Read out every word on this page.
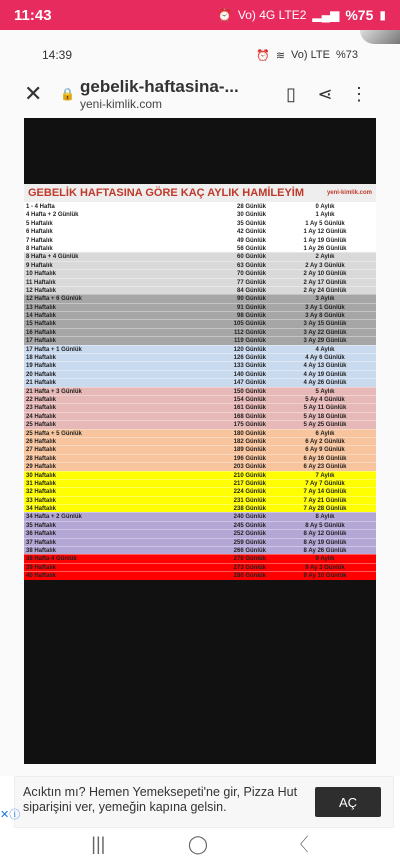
11:43	⏰ Vo) 4G LTE2 ▂▄▆ %75 ▮
14:39	⏰ ≋ Vo) LTE %73
✕	🔒 gebelik-haftasina-...
yeni-kimlik.com
▯	⋖ ⋮
GEBELİK HAFTASINA GÖRE KAÇ AYLIK HAMİLEYİM	yeni-kimlik.com
1 - 4 Hafta	28 Günlük	0 Aylık
4 Hafta + 2 Günlük	30 Günlük	1 Aylık
5 Haftalık	35 Günlük	1 Ay 5 Günlük
6 Haftalık	42 Günlük	1 Ay 12 Günlük
7 Haftalık	49 Günlük	1 Ay 19 Günlük
8 Haftalık	56 Günlük	1 Ay 26 Günlük
8 Hafta + 4 Günlük	60 Günlük	2 Aylık
9 Haftalık	63 Günlük	2 Ay 3 Günlük
10 Haftalık	70 Günlük	2 Ay 10 Günlük
11 Haftalık	77 Günlük	2 Ay 17 Günlük
12 Haftalık	84 Günlük	2 Ay 24 Günlük
12 Hafta + 6 Günlük	90 Günlük	3 Aylık
13 Haftalık	91 Günlük	3 Ay 1 Günlük
14 Haftalık	98 Günlük	3 Ay 8 Günlük
15 Haftalık	105 Günlük	3 Ay 15 Günlük
16 Haftalık	112 Günlük	3 Ay 22 Günlük
17 Haftalık	119 Günlük	3 Ay 29 Günlük
17 Hafta + 1 Günlük	120 Günlük	4 Aylık
18 Haftalık	126 Günlük	4 Ay 6 Günlük
19 Haftalık	133 Günlük	4 Ay 13 Günlük
20 Haftalık	140 Günlük	4 Ay 19 Günlük
21 Haftalık	147 Günlük	4 Ay 26 Günlük
21 Hafta + 3 Günlük	150 Günlük	5 Aylık
22 Haftalık	154 Günlük	5 Ay 4 Günlük
23 Haftalık	161 Günlük	5 Ay 11 Günlük
24 Haftalık	168 Günlük	5 Ay 18 Günlük
25 Haftalık	175 Günlük	5 Ay 25 Günlük
25 Hafta + 5 Günlük	180 Günlük	6 Aylık
26 Haftalık	182 Günlük	6 Ay 2 Günlük
27 Haftalık	189 Günlük	6 Ay 9 Günlük
28 Haftalık	196 Günlük	6 Ay 16 Günlük
29 Haftalık	203 Günlük	6 Ay 23 Günlük
30 Haftalık	210 Günlük	7 Aylık
31 Haftalık	217 Günlük	7 Ay 7 Günlük
32 Haftalık	224 Günlük	7 Ay 14 Günlük
33 Haftalık	231 Günlük	7 Ay 21 Günlük
34 Haftalık	238 Günlük	7 Ay 28 Günlük
34 Hafta + 2 Günlük	240 Günlük	8 Aylık
35 Haftalık	245 Günlük	8 Ay 5 Günlük
36 Haftalık	252 Günlük	8 Ay 12 Günlük
37 Haftalık	259 Günlük	8 Ay 19 Günlük
38 Haftalık	266 Günlük	8 Ay 26 Günlük
38 Hafta 4 Günlük	270 Günlük	9 Aylık
39 Haftalık	273 Günlük	9 Ay 3 Günlük
40 Haftalık	280 Günlük	9 Ay 10 Günlük
Acıktın mı? Hemen Yemeksepeti'ne gir, Pizza Hut siparişini ver, yemeğin kapına gelsin.	AÇ
✕ⓘ
|||	◯	〈
